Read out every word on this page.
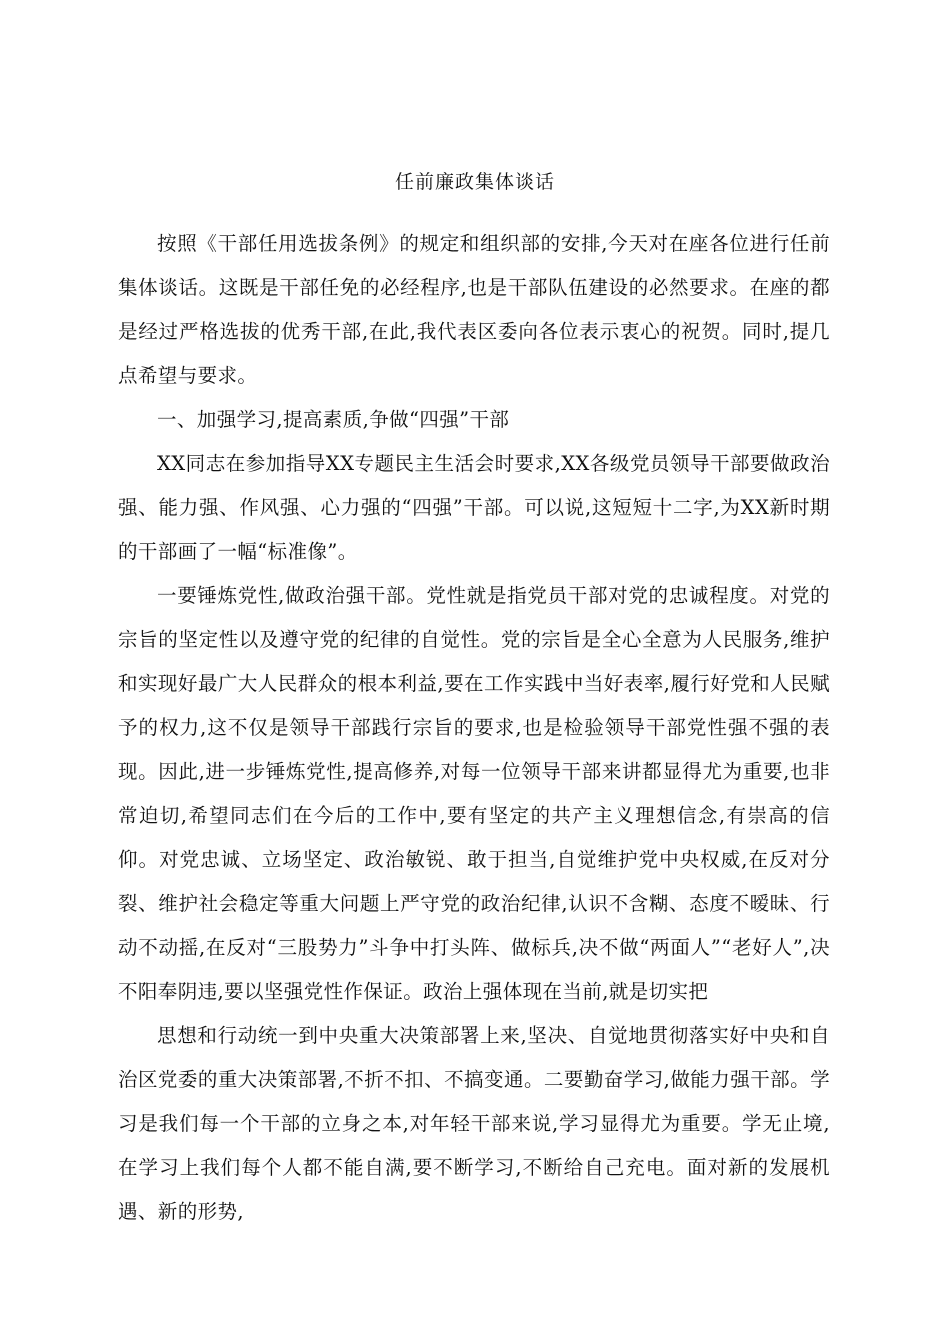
任前廉政集体谈话

按照《干部任用选拔条例》的规定和组织部的安排,今天对在座各位进行任前集体谈话。这既是干部任免的必经程序,也是干部队伍建设的必然要求。在座的都是经过严格选拔的优秀干部,在此,我代表区委向各位表示衷心的祝贺。同时,提几点希望与要求。

一、加强学习,提高素质,争做“四强”干部

XX同志在参加指导XX专题民主生活会时要求,XX各级党员领导干部要做政治强、能力强、作风强、心力强的“四强”干部。可以说,这短短十二字,为XX新时期的干部画了一幅“标准像”。

一要锤炼党性,做政治强干部。党性就是指党员干部对党的忠诚程度。对党的宗旨的坚定性以及遵守党的纪律的自觉性。党的宗旨是全心全意为人民服务,维护和实现好最广大人民群众的根本利益,要在工作实践中当好表率,履行好党和人民赋予的权力,这不仅是领导干部践行宗旨的要求,也是检验领导干部党性强不强的表现。因此,进一步锤炼党性,提高修养,对每一位领导干部来讲都显得尤为重要,也非常迫切,希望同志们在今后的工作中,要有坚定的共产主义理想信念,有崇高的信仰。对党忠诚、立场坚定、政治敏锐、敢于担当,自觉维护党中央权威,在反对分裂、维护社会稳定等重大问题上严守党的政治纪律,认识不含糊、态度不暧昧、行动不动摇,在反对“三股势力”斗争中打头阵、做标兵,决不做“两面人”“老好人”,决不阳奉阴违,要以坚强党性作保证。政治上强体现在当前,就是切实把

思想和行动统一到中央重大决策部署上来,坚决、自觉地贯彻落实好中央和自治区党委的重大决策部署,不折不扣、不搞变通。二要勤奋学习,做能力强干部。学习是我们每一个干部的立身之本,对年轻干部来说,学习显得尤为重要。学无止境,在学习上我们每个人都不能自满,要不断学习,不断给自己充电。面对新的发展机遇、新的形势,
